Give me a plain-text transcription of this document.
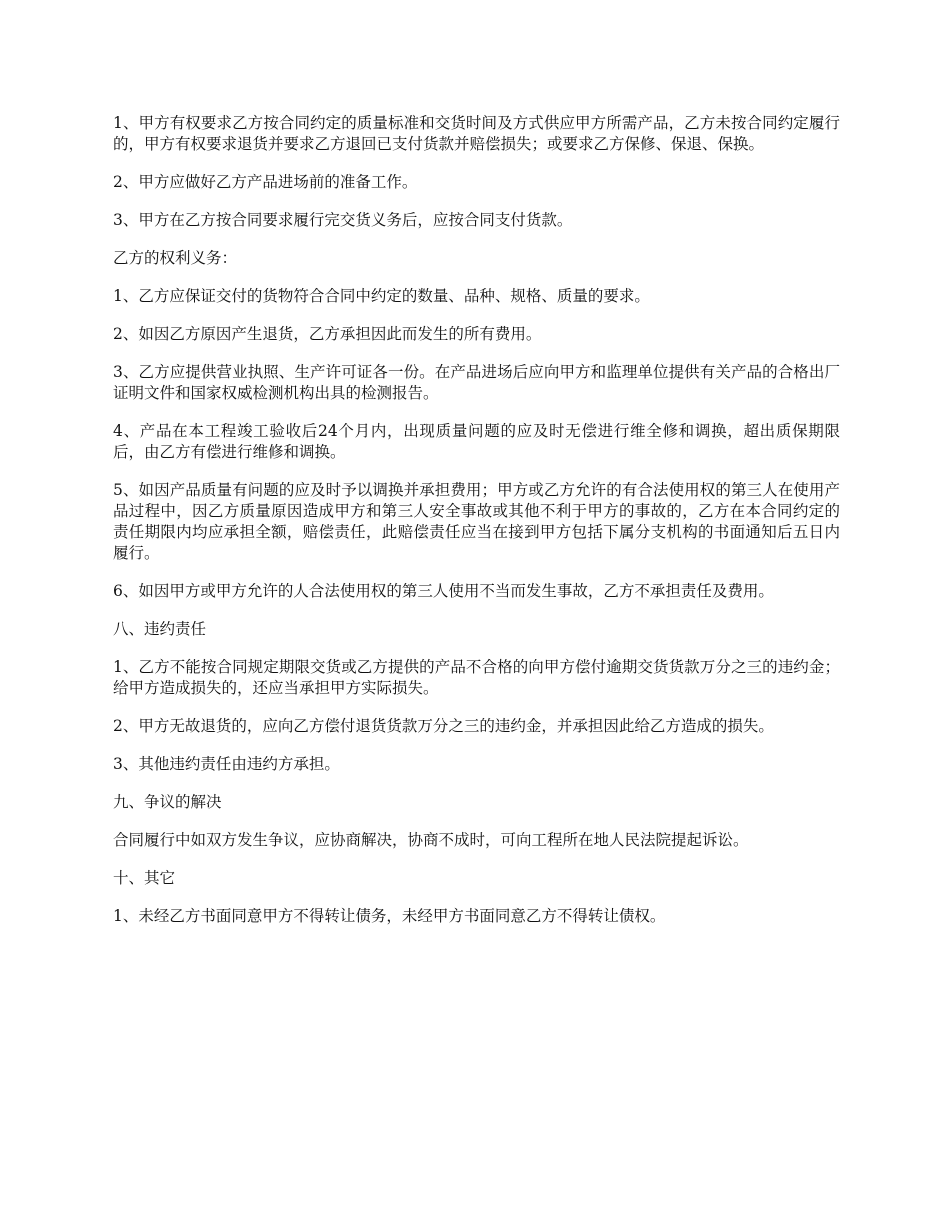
1、甲方有权要求乙方按合同约定的质量标准和交货时间及方式供应甲方所需产品，乙方未按合同约定履行的，甲方有权要求退货并要求乙方退回已支付货款并赔偿损失；或要求乙方保修、保退、保换。

2、甲方应做好乙方产品进场前的准备工作。

3、甲方在乙方按合同要求履行完交货义务后，应按合同支付货款。

乙方的权利义务：

1、乙方应保证交付的货物符合合同中约定的数量、品种、规格、质量的要求。

2、如因乙方原因产生退货，乙方承担因此而发生的所有费用。

3、乙方应提供营业执照、生产许可证各一份。在产品进场后应向甲方和监理单位提供有关产品的合格出厂证明文件和国家权威检测机构出具的检测报告。

4、产品在本工程竣工验收后24个月内，出现质量问题的应及时无偿进行维全修和调换，超出质保期限后，由乙方有偿进行维修和调换。

5、如因产品质量有问题的应及时予以调换并承担费用；甲方或乙方允许的有合法使用权的第三人在使用产品过程中，因乙方质量原因造成甲方和第三人安全事故或其他不利于甲方的事故的，乙方在本合同约定的责任期限内均应承担全额，赔偿责任，此赔偿责任应当在接到甲方包括下属分支机构的书面通知后五日内履行。

6、如因甲方或甲方允许的人合法使用权的第三人使用不当而发生事故，乙方不承担责任及费用。

八、违约责任

1、乙方不能按合同规定期限交货或乙方提供的产品不合格的向甲方偿付逾期交货货款万分之三的违约金；给甲方造成损失的，还应当承担甲方实际损失。

2、甲方无故退货的，应向乙方偿付退货货款万分之三的违约金，并承担因此给乙方造成的损失。

3、其他违约责任由违约方承担。

九、争议的解决

合同履行中如双方发生争议，应协商解决，协商不成时，可向工程所在地人民法院提起诉讼。

十、其它

1、未经乙方书面同意甲方不得转让债务，未经甲方书面同意乙方不得转让债权。
